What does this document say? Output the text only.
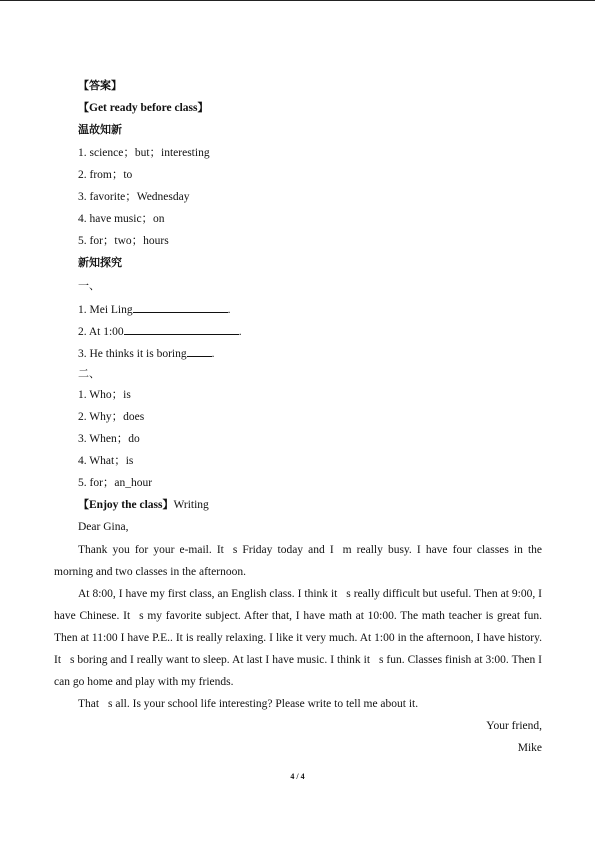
【答案】
【Get ready before class】
温故知新
1. science；but；interesting
2. from；to
3. favorite；Wednesday
4. have music；on
5. for；two；hours
新知探究
一、
1. Mei Ling	.
2. At 1:00	.
3. He thinks it is boring .
二、
1. Who；is
2. Why；does
3. When；do
4. What；is
5. for；an_hour
【Enjoy the class】Writing
Dear Gina,
Thank you for your e-mail. It s Friday today and I m really busy. I have four classes in the morning and two classes in the afternoon.
At 8:00, I have my first class, an English class. I think it s really difficult but useful. Then at 9:00, I have Chinese. It s my favorite subject. After that, I have math at 10:00. The math teacher is great fun. Then at 11:00 I have P.E.. It is really relaxing. I like it very much. At 1:00 in the afternoon, I have history. It s boring and I really want to sleep. At last I have music. I think it s fun. Classes finish at 3:00. Then I can go home and play with my friends.
That s all. Is your school life interesting? Please write to tell me about it.
Your friend,
Mike
4 / 4
